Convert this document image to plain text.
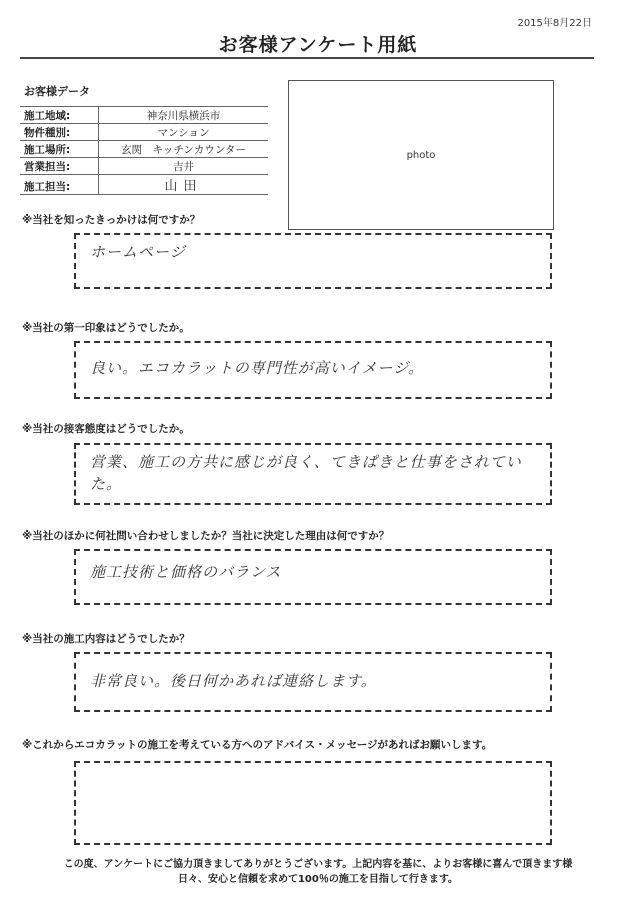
2015年8月22日
お客様アンケート用紙
お客様データ
施工地域:	神奈川県横浜市
物件種別:	マンション
施工場所:	玄関　キッチンカウンター
営業担当:	吉井
施工担当:	山田
photo
※当社を知ったきっかけは何ですか？
ホームページ
※当社の第一印象はどうでしたか。
良い。エコカラットの専門性が高いイメージ。
※当社の接客態度はどうでしたか。
営業、施工の方共に感じが良く、てきぱきと仕事をされていた。
※当社のほかに何社問い合わせしましたか？当社に決定した理由は何ですか？
施工技術と価格のバランス
※当社の施工内容はどうでしたか？
非常良い。後日何かあれば連絡します。
※これからエコカラットの施工を考えている方へのアドバイス・メッセージがあればお願いします。
この度、アンケートにご協力頂きましてありがとうございます。上記内容を基に、よりお客様に喜んで頂きます様
日々、安心と信頼を求めて100％の施工を目指して行きます。
